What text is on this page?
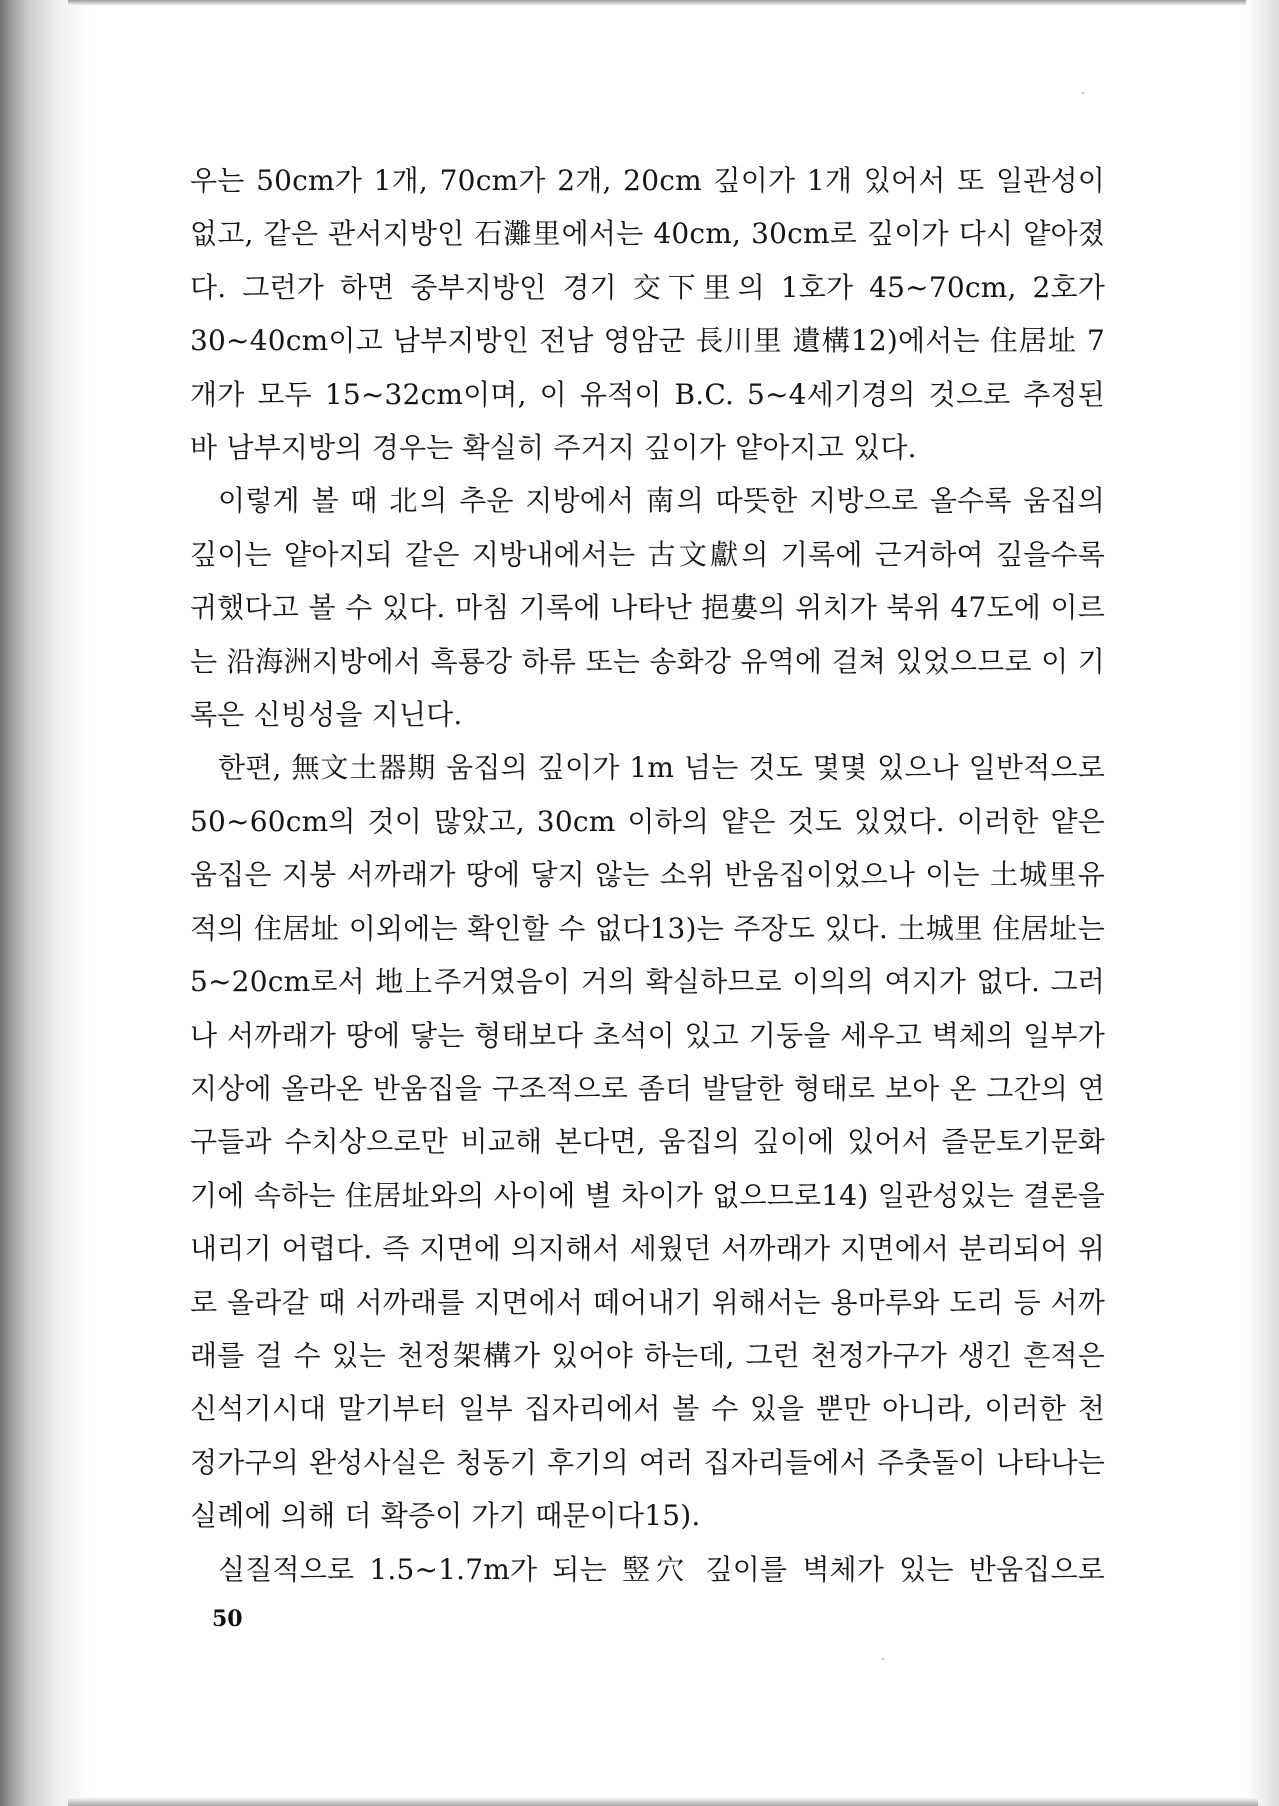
우는 50cm가 1개, 70cm가 2개, 20cm 깊이가 1개 있어서 또 일관성이 없고, 같은 관서지방인 石灘里에서는 40cm, 30cm로 깊이가 다시 얕아졌다. 그런가 하면 중부지방인 경기 交下里의 1호가 45~70cm, 2호가 30~40cm이고 남부지방인 전남 영암군 長川里 遺構12)에서는 住居址 7개가 모두 15~32cm이며, 이 유적이 B.C. 5~4세기경의 것으로 추정된 바 남부지방의 경우는 확실히 주거지 깊이가 얕아지고 있다.

이렇게 볼 때 北의 추운 지방에서 南의 따뜻한 지방으로 올수록 움집의 깊이는 얕아지되 같은 지방내에서는 古文獻의 기록에 근거하여 깊을수록 귀했다고 볼 수 있다. 마침 기록에 나타난 挹婁의 위치가 북위 47도에 이르는 沿海洲지방에서 흑룡강 하류 또는 송화강 유역에 걸쳐 있었으므로 이 기록은 신빙성을 지닌다.

한편, 無文土器期 움집의 깊이가 1m 넘는 것도 몇몇 있으나 일반적으로 50~60cm의 것이 많았고, 30cm 이하의 얕은 것도 있었다. 이러한 얕은 움집은 지붕 서까래가 땅에 닿지 않는 소위 반움집이었으나 이는 土城里유적의 住居址 이외에는 확인할 수 없다13)는 주장도 있다. 土城里 住居址는 5~20cm로서 地上주거였음이 거의 확실하므로 이의의 여지가 없다. 그러나 서까래가 땅에 닿는 형태보다 초석이 있고 기둥을 세우고 벽체의 일부가 지상에 올라온 반움집을 구조적으로 좀더 발달한 형태로 보아 온 그간의 연구들과 수치상으로만 비교해 본다면, 움집의 깊이에 있어서 즐문토기문화기에 속하는 住居址와의 사이에 별 차이가 없으므로14) 일관성있는 결론을 내리기 어렵다. 즉 지면에 의지해서 세웠던 서까래가 지면에서 분리되어 위로 올라갈 때 서까래를 지면에서 떼어내기 위해서는 용마루와 도리 등 서까래를 걸 수 있는 천정架構가 있어야 하는데, 그런 천정가구가 생긴 흔적은 신석기시대 말기부터 일부 집자리에서 볼 수 있을 뿐만 아니라, 이러한 천정가구의 완성사실은 청동기 후기의 여러 집자리들에서 주춧돌이 나타나는 실례에 의해 더 확증이 가기 때문이다15).

실질적으로 1.5~1.7m가 되는 竪穴 깊이를 벽체가 있는 반움집으로

50
